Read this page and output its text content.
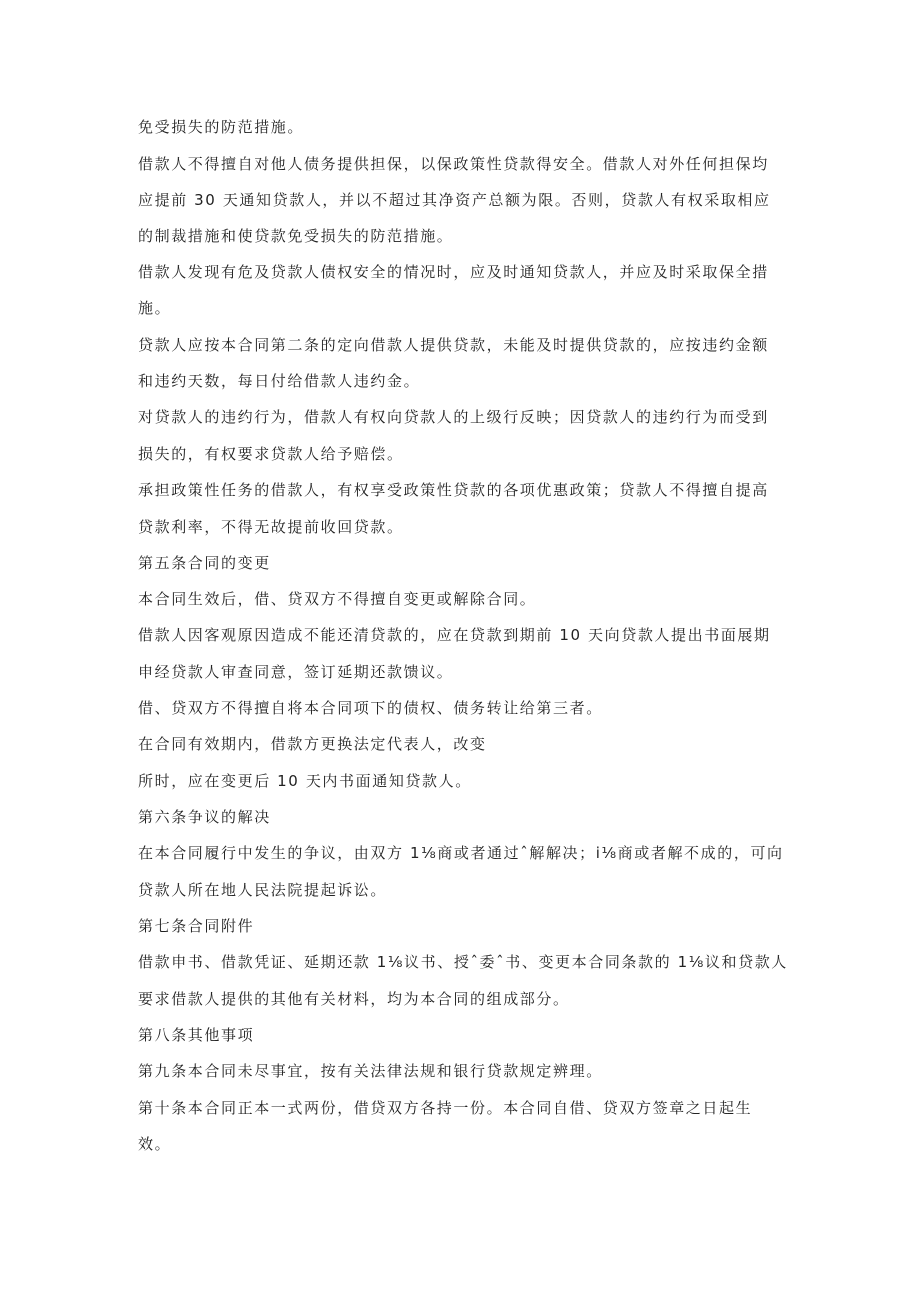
免受损失的防范措施。
借款人不得擅自对他人债务提供担保，以保政策性贷款得安全。借款人对外任何担保均
应提前 30 天通知贷款人，并以不超过其净资产总额为限。否则，贷款人有权采取相应
的制裁措施和使贷款免受损失的防范措施。
借款人发现有危及贷款人债权安全的情况时，应及时通知贷款人，并应及时采取保全措
施。
贷款人应按本合同第二条的定向借款人提供贷款，未能及时提供贷款的，应按违约金额
和违约天数，每日付给借款人违约金。
对贷款人的违约行为，借款人有权向贷款人的上级行反映；因贷款人的违约行为而受到
损失的，有权要求贷款人给予赔偿。
承担政策性任务的借款人，有权享受政策性贷款的各项优惠政策；贷款人不得擅自提高
贷款利率，不得无故提前收回贷款。
第五条合同的变更
本合同生效后，借、贷双方不得擅自变更或解除合同。
借款人因客观原因造成不能还清贷款的，应在贷款到期前 10 天向贷款人提出书面展期
申经贷款人审查同意，签订延期还款馈议。
借、贷双方不得擅自将本合同项下的债权、债务转让给第三者。
在合同有效期内，借款方更换法定代表人，改变
所时，应在变更后 10 天内书面通知贷款人。
第六条争议的解决
在本合同履行中发生的争议，由双方 1⅛商或者通过ˆ解解决；i⅛商或者解不成的，可向
贷款人所在地人民法院提起诉讼。
第七条合同附件
借款申书、借款凭证、延期还款 1⅛议书、授ˆ委ˆ书、变更本合同条款的 1⅛议和贷款人
要求借款人提供的其他有关材料，均为本合同的组成部分。
第八条其他事项
第九条本合同未尽事宜，按有关法律法规和银行贷款规定辨理。
第十条本合同正本一式两份，借贷双方各持一份。本合同自借、贷双方签章之日起生
效。
